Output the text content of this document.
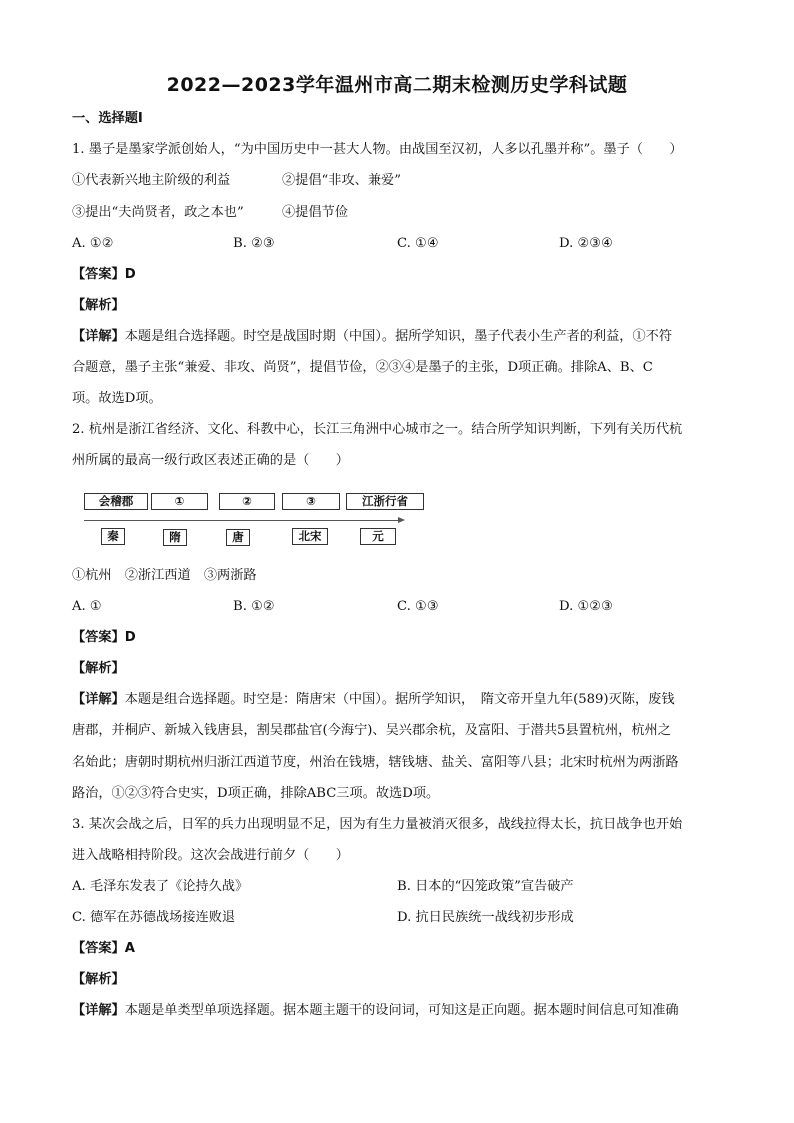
2022—2023学年温州市高二期末检测历史学科试题
一、选择题Ⅰ
1. 墨子是墨家学派创始人，“为中国历史中一甚大人物。由战国至汉初，人多以孔墨并称”。墨子（　　）
①代表新兴地主阶级的利益	②提倡“非攻、兼爱”
③提出“夫尚贤者，政之本也”	④提倡节俭
A. ①②	B. ②③	C. ①④	D. ②③④
【答案】D
【解析】
【详解】本题是组合选择题。时空是战国时期（中国）。据所学知识，墨子代表小生产者的利益，①不符
合题意，墨子主张“兼爱、非攻、尚贤”，提倡节俭，②③④是墨子的主张，D项正确。排除A、B、C
项。故选D项。
2. 杭州是浙江省经济、文化、科教中心，长江三角洲中心城市之一。结合所学知识判断，下列有关历代杭
州所属的最高一级行政区表述正确的是（　　）
会稽郡	①	②	③	江浙行省
秦	隋	唐	北宋	元
①杭州　②浙江西道　③两浙路
A. ①	B. ①②	C. ①③	D. ①②③
【答案】D
【解析】
【详解】本题是组合选择题。时空是：隋唐宋（中国）。据所学知识，　隋文帝开皇九年(589)灭陈，废钱
唐郡，并桐庐、新城入钱唐县，割吴郡盐官(今海宁)、吴兴郡余杭，及富阳、于潜共5县置杭州，杭州之
名始此；唐朝时期杭州归浙江西道节度，州治在钱塘，辖钱塘、盐关、富阳等八县；北宋时杭州为两浙路
路治，①②③符合史实，D项正确，排除ABC三项。故选D项。
3. 某次会战之后，日军的兵力出现明显不足，因为有生力量被消灭很多，战线拉得太长，抗日战争也开始
进入战略相持阶段。这次会战进行前夕（　　）
A. 毛泽东发表了《论持久战》	B. 日本的“囚笼政策”宣告破产
C. 德军在苏德战场接连败退	D. 抗日民族统一战线初步形成
【答案】A
【解析】
【详解】本题是单类型单项选择题。据本题主题干的设问词，可知这是正向题。据本题时间信息可知准确
